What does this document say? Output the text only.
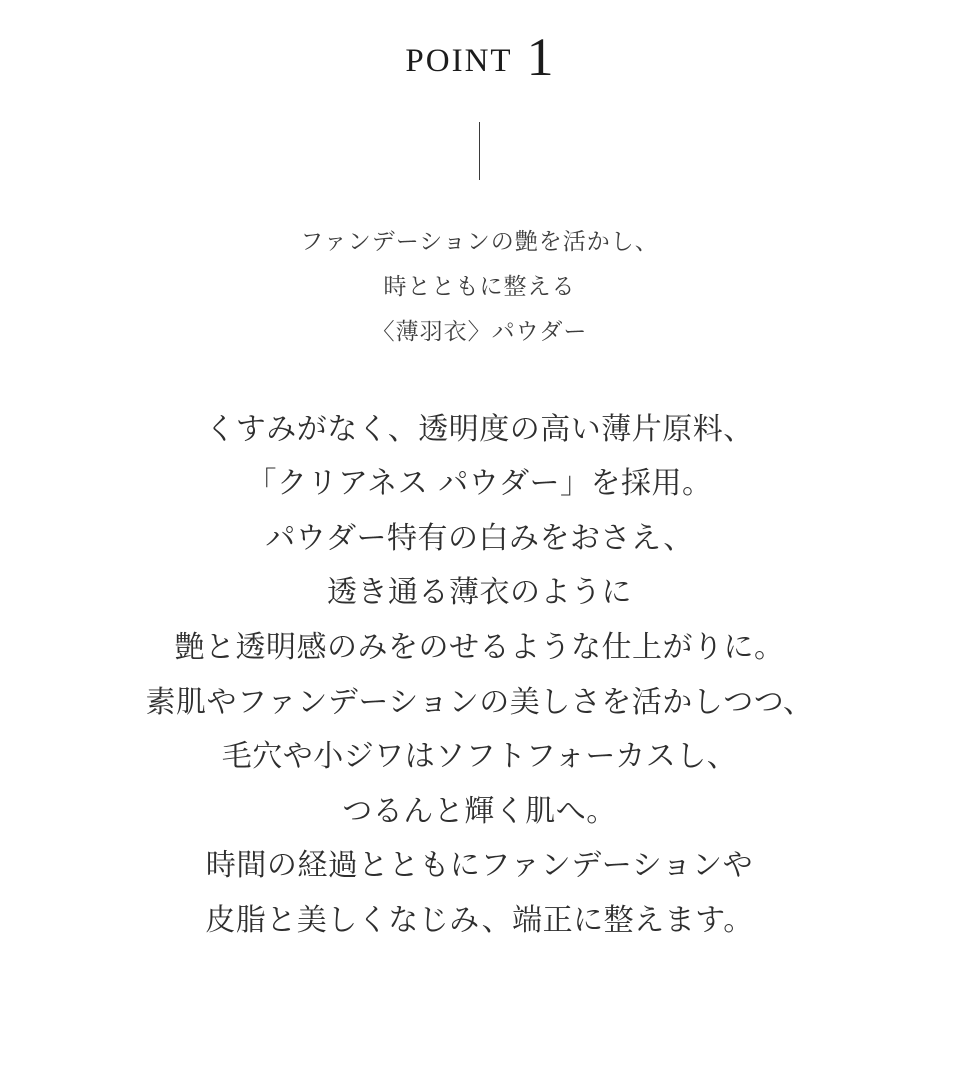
POINT 1
ファンデーションの艶を活かし、
時とともに整える
〈薄羽衣〉パウダー
くすみがなく、透明度の高い薄片原料、
「クリアネス パウダー」を採用。
パウダー特有の白みをおさえ、
透き通る薄衣のように
艶と透明感のみをのせるような仕上がりに。
素肌やファンデーションの美しさを活かしつつ、
毛穴や小ジワはソフトフォーカスし、
つるんと輝く肌へ。
時間の経過とともにファンデーションや
皮脂と美しくなじみ、端正に整えます。
